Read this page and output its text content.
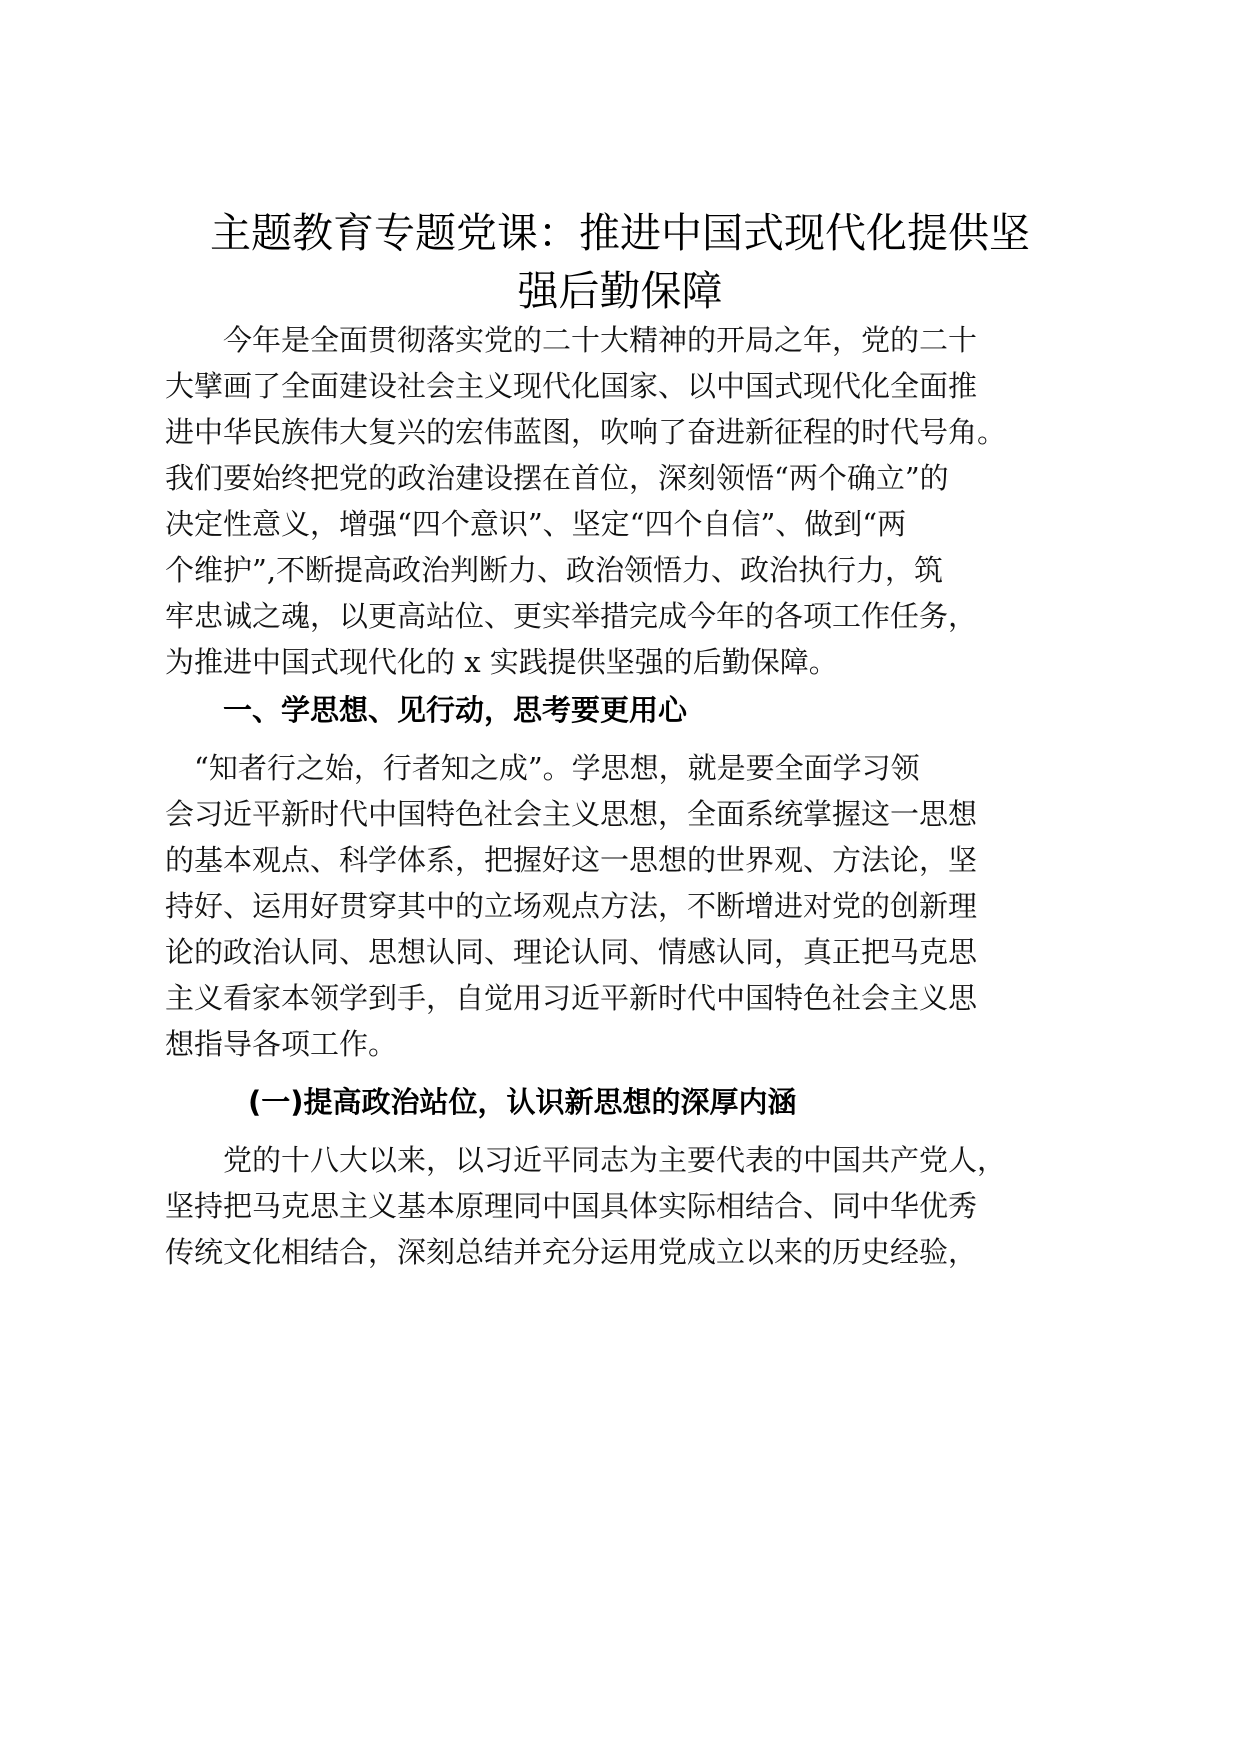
主题教育专题党课：推进中国式现代化提供坚
强后勤保障

　　今年是全面贯彻落实党的二十大精神的开局之年，党的二十

大擘画了全面建设社会主义现代化国家、以中国式现代化全面推

进中华民族伟大复兴的宏伟蓝图，吹响了奋进新征程的时代号角。

我们要始终把党的政治建设摆在首位，深刻领悟“两个确立”的

决定性意义，增强“四个意识”、坚定“四个自信”、做到“两

个维护”,不断提高政治判断力、政治领悟力、政治执行力，筑

牢忠诚之魂，以更高站位、更实举措完成今年的各项工作任务，

为推进中国式现代化的 x 实践提供坚强的后勤保障。

一、学思想、见行动，思考要更用心

　“知者行之始，行者知之成”。学思想，就是要全面学习领

会习近平新时代中国特色社会主义思想，全面系统掌握这一思想

的基本观点、科学体系，把握好这一思想的世界观、方法论，坚

持好、运用好贯穿其中的立场观点方法，不断增进对党的创新理

论的政治认同、思想认同、理论认同、情感认同，真正把马克思

主义看家本领学到手，自觉用习近平新时代中国特色社会主义思

想指导各项工作。

(一)提高政治站位，认识新思想的深厚内涵

　　党的十八大以来，以习近平同志为主要代表的中国共产党人，

坚持把马克思主义基本原理同中国具体实际相结合、同中华优秀

传统文化相结合，深刻总结并充分运用党成立以来的历史经验，
